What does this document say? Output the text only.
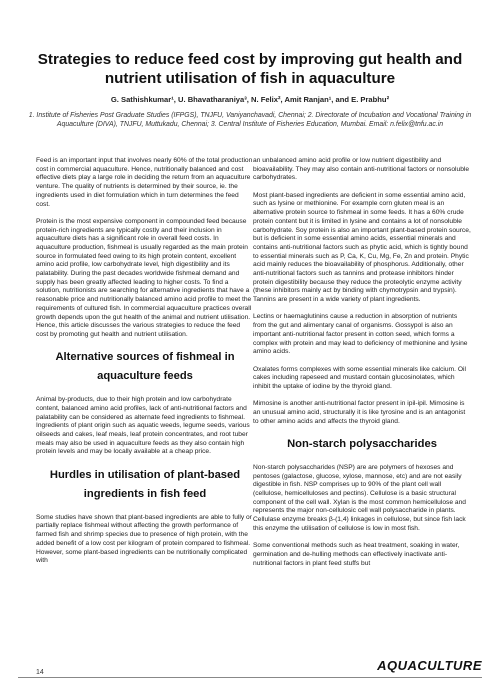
Strategies to reduce feed cost by improving gut health and nutrient utilisation of fish in aquaculture
G. Sathishkumar¹, U. Bhavatharaniya³, N. Felix², Amit Ranjan¹, and E. Prabhu²
1. Institute of Fisheries Post Graduate Studies (IFPGS), TNJFU, Vaniyanchavadi, Chennai; 2. Directorate of Incubation and Vocational Training in Aquaculture (DIVA), TNJFU, Muttukadu, Chennai; 3. Central Institute of Fisheries Education, Mumbai. Email: n.felix@tnfu.ac.in

Feed is an important input that involves nearly 60% of the total production cost in commercial aquaculture. Hence, nutritionally balanced and cost effective diets play a large role in deciding the return from an aquaculture venture. The quality of nutrients is determined by their source, ie. the ingredients used in diet formulation which in turn determines the feed cost.

Protein is the most expensive component in compounded feed because protein-rich ingredients are typically costly and their inclusion in aquaculture diets has a significant role in overall feed costs. In aquaculture production, fishmeal is usually regarded as the main protein source in formulated feed owing to its high protein content, excellent amino acid profile, low carbohydrate level, high digestibility and its palatability. During the past decades worldwide fishmeal demand and supply has been greatly affected leading to higher costs. To find a solution, nutritionists are searching for alternative ingredients that have a reasonable price and nutritionally balanced amino acid profile to meet the requirements of cultured fish. In commercial aquaculture practices overall growth depends upon the gut health of the animal and nutrient utilisation. Hence, this article discusses the various strategies to reduce the feed cost by promoting gut health and nutrient utilisation.

Alternative sources of fishmeal in aquaculture feeds

Animal by-products, due to their high protein and low carbohydrate content, balanced amino acid profiles, lack of anti-nutritional factors and palatability can be considered as alternate feed ingredients to fishmeal. Ingredients of plant origin such as aquatic weeds, legume seeds, various oilseeds and cakes, leaf meals, leaf protein concentrates, and root tuber meals may also be used in aquaculture feeds as they also contain high protein levels and may be locally available at a cheap price.

Hurdles in utilisation of plant-based ingredients in fish feed

Some studies have shown that plant-based ingredients are able to fully or partially replace fishmeal without affecting the growth performance of farmed fish and shrimp species due to presence of high protein, with the added benefit of a low cost per kilogram of protein compared to fishmeal. However, some plant-based ingredients can be nutritionally complicated with

an unbalanced amino acid profile or low nutrient digestibility and bioavailability. They may also contain anti-nutritional factors or nonsoluble carbohydrates.

Most plant-based ingredients are deficient in some essential amino acid, such as lysine or methionine. For example corn gluten meal is an alternative protein source to fishmeal in some feeds. It has a 60% crude protein content but it is limited in lysine and contains a lot of nonsoluble carbohydrate. Soy protein is also an important plant-based protein source, but is deficient in some essential amino acids, essential minerals and contains anti-nutritional factors such as phytic acid, which is tightly bound to essential minerals such as P, Ca, K, Cu, Mg, Fe, Zn and protein. Phytic acid mainly reduces the bioavailability of phosphorus. Additionally, other anti-nutritional factors such as tannins and protease inhibitors hinder protein digestibility because they reduce the proteolytic enzyme activity (these inhibitors mainly act by binding with chymotrypsin and trypsin). Tannins are present in a wide variety of plant ingredients.

Lectins or haemaglutinins cause a reduction in absorption of nutrients from the gut and alimentary canal of organisms. Gossypol is also an important anti-nutritional factor present in cotton seed, which forms a complex with protein and may lead to deficiency of methionine and lysine amino acids.

Oxalates forms complexes with some essential minerals like calcium. Oil cakes including rapeseed and mustard contain glucosinolates, which inhibit the uptake of iodine by the thyroid gland.

Mimosine is another anti-nutritional factor present in ipil-ipil. Mimosine is an unusual amino acid, structurally it is like tyrosine and is an antagonist to other amino acids and affects the thyroid gland.

Non-starch polysaccharides

Non-starch polysaccharides (NSP) are are polymers of hexoses and pentoses (galactose, glucose, xylose, mannose, etc) and are not easily digestible in fish. NSP comprises up to 90% of the plant cell wall (cellulose, hemicelluloses and pectins). Cellulose is a basic structural component of the cell wall. Xylan is the most common hemicellulose and represents the major non-cellulosic cell wall polysaccharide in plants. Cellulase enzyme breaks β-(1,4) linkages in cellulose, but since fish lack this enzyme the utilisation of cellulose is low in most fish.

Some conventional methods such as heat treatment, soaking in water, germination and de-hulling methods can effectively inactivate anti-nutritional factors in plant feed stuffs but

14	AQUACULTURE
